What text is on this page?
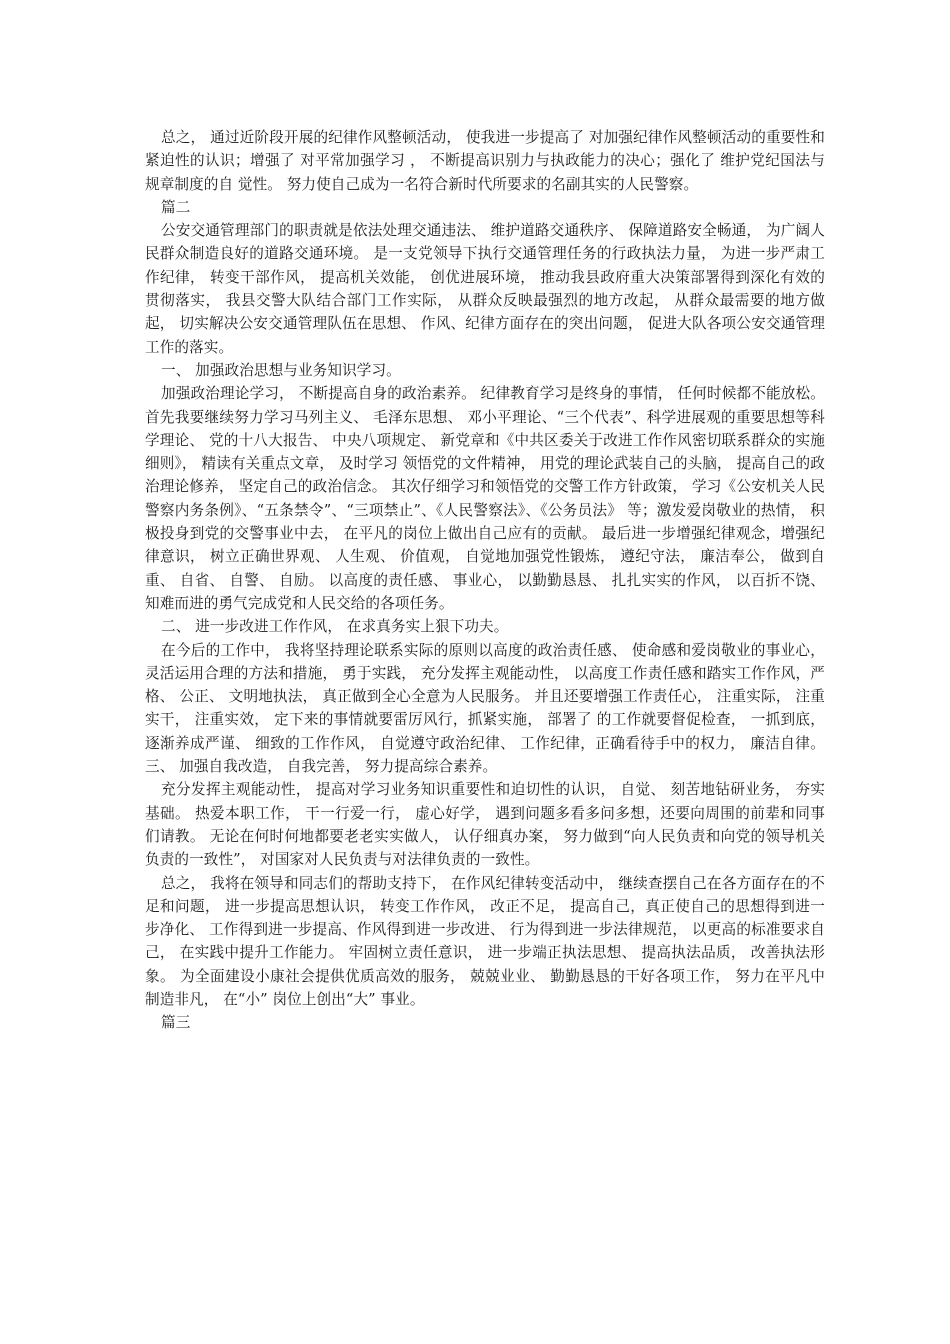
总之， 通过近阶段开展的纪律作风整顿活动， 使我进一步提高了 对加强纪律作风整顿活动的重要性和紧迫性的认识；增强了 对平常加强学习 ， 不断提高识别力与执政能力的决心；强化了 维护党纪国法与规章制度的自 觉性。 努力使自己成为一名符合新时代所要求的名副其实的人民警察。

篇二

公安交通管理部门的职责就是依法处理交通违法、 维护道路交通秩序、 保障道路安全畅通， 为广阔人民群众制造良好的道路交通环境。 是一支党领导下执行交通管理任务的行政执法力量， 为进一步严肃工作纪律， 转变干部作风， 提高机关效能， 创优进展环境， 推动我县政府重大决策部署得到深化有效的贯彻落实， 我县交警大队结合部门工作实际， 从群众反映最强烈的地方改起， 从群众最需要的地方做起， 切实解决公安交通管理队伍在思想、 作风、纪律方面存在的突出问题， 促进大队各项公安交通管理工作的落实。

一、 加强政治思想与业务知识学习。

加强政治理论学习， 不断提高自身的政治素养。 纪律教育学习是终身的事情， 任何时候都不能放松。 首先我要继续努力学习马列主义、 毛泽东思想、 邓小平理论、“三个代表”、科学进展观的重要思想等科学理论、 党的十八大报告、 中央八项规定、 新党章和《中共区委关于改进工作作风密切联系群众的实施细则》， 精读有关重点文章， 及时学习 领悟党的文件精神， 用党的理论武装自己的头脑， 提高自己的政治理论修养， 坚定自己的政治信念。 其次仔细学习和领悟党的交警工作方针政策， 学习《公安机关人民警察内务条例》、“五条禁令”、“三项禁止”、《人民警察法》、《公务员法》 等；激发爱岗敬业的热情， 积极投身到党的交警事业中去， 在平凡的岗位上做出自己应有的贡献。 最后进一步增强纪律观念，增强纪律意识， 树立正确世界观、 人生观、 价值观， 自觉地加强党性锻炼， 遵纪守法， 廉洁奉公， 做到自重、 自省、 自警、 自励。 以高度的责任感、 事业心， 以勤勤恳恳、 扎扎实实的作风， 以百折不饶、 知难而进的勇气完成党和人民交给的各项任务。

二、 进一步改进工作作风， 在求真务实上狠下功夫。

在今后的工作中， 我将坚持理论联系实际的原则以高度的政治责任感、 使命感和爱岗敬业的事业心， 灵活运用合理的方法和措施， 勇于实践， 充分发挥主观能动性， 以高度工作责任感和踏实工作作风，严格、 公正、 文明地执法， 真正做到全心全意为人民服务。 并且还要增强工作责任心， 注重实际， 注重实干， 注重实效， 定下来的事情就要雷厉风行，抓紧实施， 部署了 的工作就要督促检查， 一抓到底， 逐渐养成严谨、 细致的工作作风， 自觉遵守政治纪律、 工作纪律，正确看待手中的权力， 廉洁自律。 三、 加强自我改造， 自我完善， 努力提高综合素养。

充分发挥主观能动性， 提高对学习业务知识重要性和迫切性的认识， 自觉、 刻苦地钻研业务， 夯实基础。 热爱本职工作， 干一行爱一行， 虚心好学， 遇到问题多看多问多想，还要向周围的前辈和同事们请教。 无论在何时何地都要老老实实做人， 认仔细真办案， 努力做到“向人民负责和向党的领导机关负责的一致性”， 对国家对人民负责与对法律负责的一致性。

总之， 我将在领导和同志们的帮助支持下， 在作风纪律转变活动中， 继续查摆自己在各方面存在的不足和问题， 进一步提高思想认识， 转变工作作风， 改正不足， 提高自己，真正使自己的思想得到进一步净化、 工作得到进一步提高、作风得到进一步改进、 行为得到进一步法律规范， 以更高的标准要求自己， 在实践中提升工作能力。 牢固树立责任意识， 进一步端正执法思想、 提高执法品质， 改善执法形象。 为全面建设小康社会提供优质高效的服务， 兢兢业业、 勤勤恳恳的干好各项工作， 努力在平凡中制造非凡， 在“小” 岗位上创出“大” 事业。

篇三
